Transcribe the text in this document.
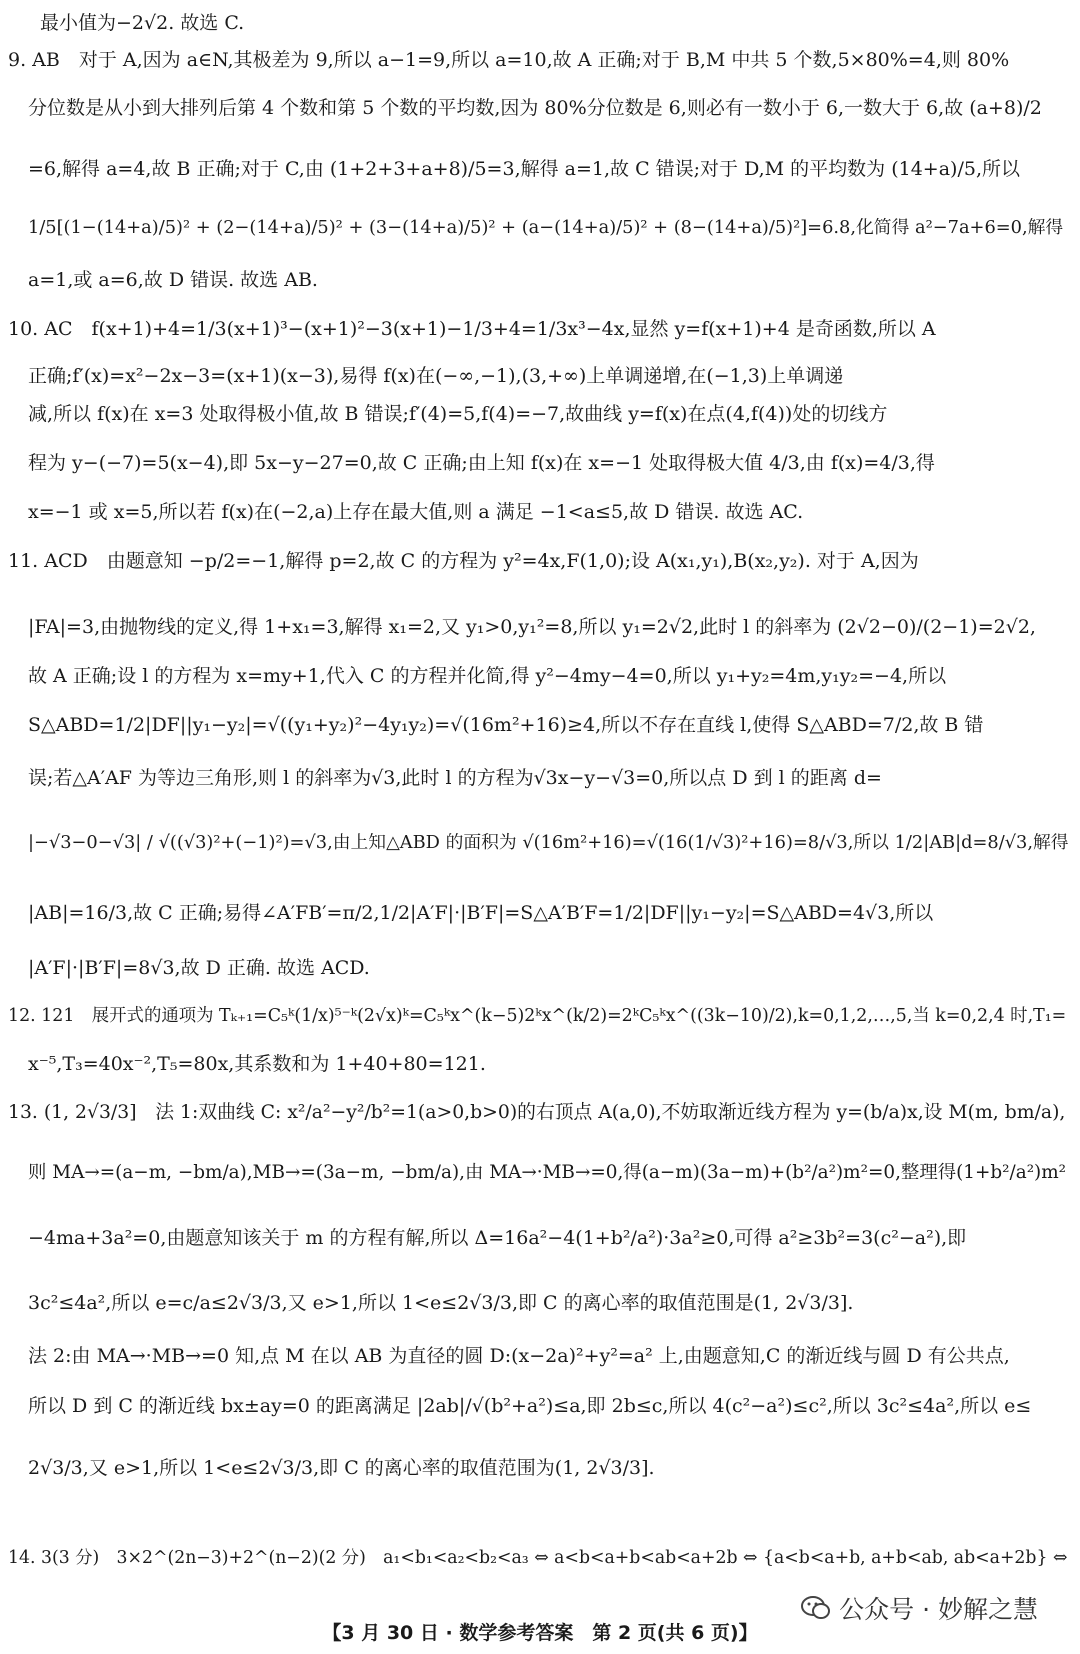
最小值为−2√2. 故选 C.
9. AB　对于 A,因为 a∈N,其极差为 9,所以 a−1=9,所以 a=10,故 A 正确;对于 B,M 中共 5 个数,5×80%=4,则 80%
分位数是从小到大排列后第 4 个数和第 5 个数的平均数,因为 80%分位数是 6,则必有一数小于 6,一数大于 6,故 (a+8)/2
=6,解得 a=4,故 B 正确;对于 C,由 (1+2+3+a+8)/5=3,解得 a=1,故 C 错误;对于 D,M 的平均数为 (14+a)/5,所以
1/5[(1−(14+a)/5)² + (2−(14+a)/5)² + (3−(14+a)/5)² + (a−(14+a)/5)² + (8−(14+a)/5)²]=6.8,化简得 a²−7a+6=0,解得
a=1,或 a=6,故 D 错误. 故选 AB.
10. AC　f(x+1)+4=1/3(x+1)³−(x+1)²−3(x+1)−1/3+4=1/3x³−4x,显然 y=f(x+1)+4 是奇函数,所以 A
正确;f′(x)=x²−2x−3=(x+1)(x−3),易得 f(x)在(−∞,−1),(3,+∞)上单调递增,在(−1,3)上单调递
减,所以 f(x)在 x=3 处取得极小值,故 B 错误;f′(4)=5,f(4)=−7,故曲线 y=f(x)在点(4,f(4))处的切线方
程为 y−(−7)=5(x−4),即 5x−y−27=0,故 C 正确;由上知 f(x)在 x=−1 处取得极大值 4/3,由 f(x)=4/3,得
x=−1 或 x=5,所以若 f(x)在(−2,a)上存在最大值,则 a 满足 −1<a≤5,故 D 错误. 故选 AC.
11. ACD　由题意知 −p/2=−1,解得 p=2,故 C 的方程为 y²=4x,F(1,0);设 A(x₁,y₁),B(x₂,y₂). 对于 A,因为
|FA|=3,由抛物线的定义,得 1+x₁=3,解得 x₁=2,又 y₁>0,y₁²=8,所以 y₁=2√2,此时 l 的斜率为 (2√2−0)/(2−1)=2√2,
故 A 正确;设 l 的方程为 x=my+1,代入 C 的方程并化简,得 y²−4my−4=0,所以 y₁+y₂=4m,y₁y₂=−4,所以
S△ABD=1/2|DF||y₁−y₂|=√((y₁+y₂)²−4y₁y₂)=√(16m²+16)≥4,所以不存在直线 l,使得 S△ABD=7/2,故 B 错
误;若△A′AF 为等边三角形,则 l 的斜率为√3,此时 l 的方程为√3x−y−√3=0,所以点 D 到 l 的距离 d=
|−√3−0−√3| / √((√3)²+(−1)²)=√3,由上知△ABD 的面积为 √(16m²+16)=√(16(1/√3)²+16)=8/√3,所以 1/2|AB|d=8/√3,解得
|AB|=16/3,故 C 正确;易得∠A′FB′=π/2,1/2|A′F|·|B′F|=S△A′B′F=1/2|DF||y₁−y₂|=S△ABD=4√3,所以
|A′F|·|B′F|=8√3,故 D 正确. 故选 ACD.
12. 121　展开式的通项为 Tₖ₊₁=C₅ᵏ(1/x)⁵⁻ᵏ(2√x)ᵏ=C₅ᵏx^(k−5)2ᵏx^(k/2)=2ᵏC₅ᵏx^((3k−10)/2),k=0,1,2,…,5,当 k=0,2,4 时,T₁=
x⁻⁵,T₃=40x⁻²,T₅=80x,其系数和为 1+40+80=121.
13. (1, 2√3/3]　法 1:双曲线 C: x²/a²−y²/b²=1(a>0,b>0)的右顶点 A(a,0),不妨取渐近线方程为 y=(b/a)x,设 M(m, bm/a),
则 MA→=(a−m, −bm/a),MB→=(3a−m, −bm/a),由 MA→·MB→=0,得(a−m)(3a−m)+(b²/a²)m²=0,整理得(1+b²/a²)m²
−4ma+3a²=0,由题意知该关于 m 的方程有解,所以 Δ=16a²−4(1+b²/a²)·3a²≥0,可得 a²≥3b²=3(c²−a²),即
3c²≤4a²,所以 e=c/a≤2√3/3,又 e>1,所以 1<e≤2√3/3,即 C 的离心率的取值范围是(1, 2√3/3].
法 2:由 MA→·MB→=0 知,点 M 在以 AB 为直径的圆 D:(x−2a)²+y²=a² 上,由题意知,C 的渐近线与圆 D 有公共点,
所以 D 到 C 的渐近线 bx±ay=0 的距离满足 |2ab|/√(b²+a²)≤a,即 2b≤c,所以 4(c²−a²)≤c²,所以 3c²≤4a²,所以 e≤
2√3/3,又 e>1,所以 1<e≤2√3/3,即 C 的离心率的取值范围为(1, 2√3/3].
14. 3(3 分)　3×2^(2n−3)+2^(n−2)(2 分)　a₁<b₁<a₂<b₂<a₃ ⇔ a<b<a+b<ab<a+2b ⇔ {a<b<a+b, a+b<ab, ab<a+2b} ⇔
公众号 · 妙解之慧
【3 月 30 日 · 数学参考答案　第 2 页(共 6 页)】
